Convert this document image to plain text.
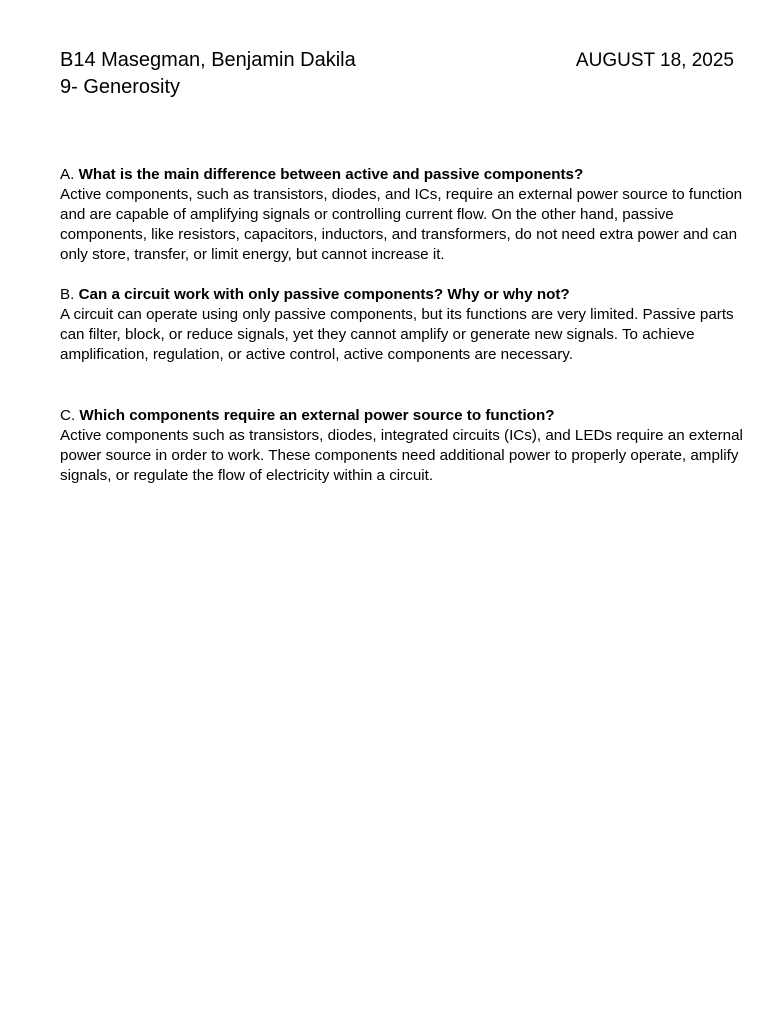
B14 Masegman, Benjamin Dakila
9- Generosity
AUGUST 18, 2025
A. What is the main difference between active and passive components?
Active components, such as transistors, diodes, and ICs, require an external power source to function and are capable of amplifying signals or controlling current flow. On the other hand, passive components, like resistors, capacitors, inductors, and transformers, do not need extra power and can only store, transfer, or limit energy, but cannot increase it.
B. Can a circuit work with only passive components? Why or why not?
A circuit can operate using only passive components, but its functions are very limited. Passive parts can filter, block, or reduce signals, yet they cannot amplify or generate new signals. To achieve amplification, regulation, or active control, active components are necessary.
C. Which components require an external power source to function?
Active components such as transistors, diodes, integrated circuits (ICs), and LEDs require an external power source in order to work. These components need additional power to properly operate, amplify signals, or regulate the flow of electricity within a circuit.
